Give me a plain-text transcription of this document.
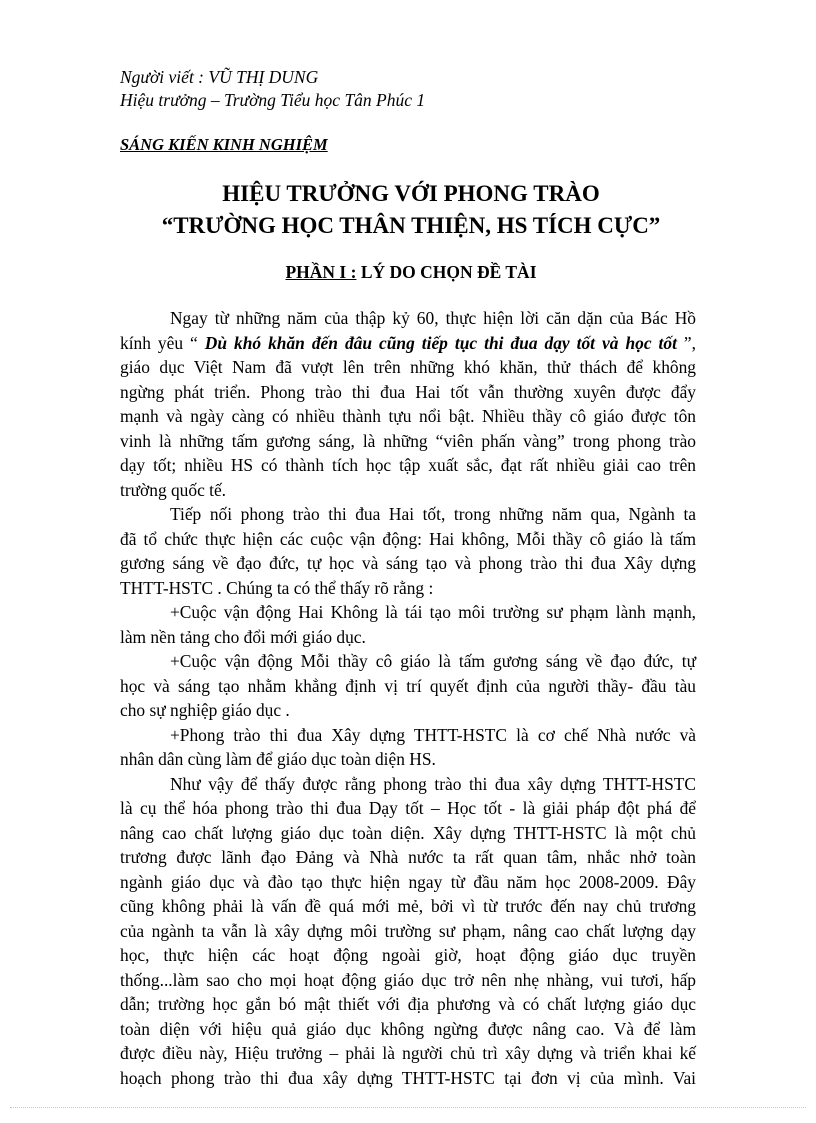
Người viết : VŨ THỊ DUNG
Hiệu trưởng – Trường Tiểu học Tân Phúc 1
SÁNG KIẾN KINH NGHIỆM
HIỆU TRƯỞNG VỚI PHONG TRÀO
“TRƯỜNG HỌC THÂN THIỆN, HS TÍCH CỰC”
PHẦN I : LÝ DO CHỌN ĐỀ TÀI
Ngay từ những năm của thập kỷ 60, thực hiện lời căn dặn của Bác Hồ
kính yêu “ Dù khó khăn đến đâu cũng tiếp tục thi đua dạy tốt và học tốt ”,
giáo dục Việt Nam đã vượt lên trên những khó khăn, thử thách để không
ngừng phát triển. Phong trào thi đua Hai tốt vẫn thường xuyên được đẩy
mạnh và ngày càng có nhiều thành tựu nổi bật. Nhiều thầy cô giáo được tôn
vinh là những tấm gương sáng, là những “viên phấn vàng” trong phong trào
dạy tốt; nhiều HS có thành tích học tập xuất sắc, đạt rất nhiều giải cao trên
trường quốc tế.
Tiếp nối phong trào thi đua Hai tốt, trong những năm qua, Ngành ta
đã tổ chức thực hiện các cuộc vận động: Hai không, Mỗi thầy cô giáo là tấm
gương sáng về đạo đức, tự học và sáng tạo và phong trào thi đua Xây dựng
THTT-HSTC . Chúng ta có thể thấy rõ rằng :
+Cuộc vận động Hai Không là tái tạo môi trường sư phạm lành mạnh,
làm nền tảng cho đổi mới giáo dục.
+Cuộc vận động Mỗi thầy cô giáo là tấm gương sáng về đạo đức, tự
học và sáng tạo nhằm khẳng định vị trí quyết định của người thầy- đầu tàu
cho sự nghiệp giáo dục .
+Phong trào thi đua Xây dựng THTT-HSTC là cơ chế Nhà nước và
nhân dân cùng làm để giáo dục toàn diện HS.
Như vậy để thấy được rằng phong trào thi đua xây dựng THTT-HSTC
là cụ thể hóa phong trào thi đua Dạy tốt – Học tốt - là giải pháp đột phá để
nâng cao chất lượng giáo dục toàn diện. Xây dựng THTT-HSTC là một chủ
trương được lãnh đạo Đảng và Nhà nước ta rất quan tâm, nhắc nhở toàn
ngành giáo dục và đào tạo thực hiện ngay từ đầu năm học 2008-2009. Đây
cũng không phải là vấn đề quá mới mẻ, bởi vì từ trước đến nay chủ trương
của ngành ta vẫn là xây dựng môi trường sư phạm, nâng cao chất lượng dạy
học, thực hiện các hoạt động ngoài giờ, hoạt động giáo dục truyền
thống...làm sao cho mọi hoạt động giáo dục trở nên nhẹ nhàng, vui tươi, hấp
dẫn; trường học gắn bó mật thiết với địa phương và có chất lượng giáo dục
toàn diện với hiệu quả giáo dục không ngừng được nâng cao. Và để làm
được điều này, Hiệu trưởng – phải là người chủ trì xây dựng và triển khai kế
hoạch phong trào thi đua xây dựng THTT-HSTC tại đơn vị của mình. Vai
